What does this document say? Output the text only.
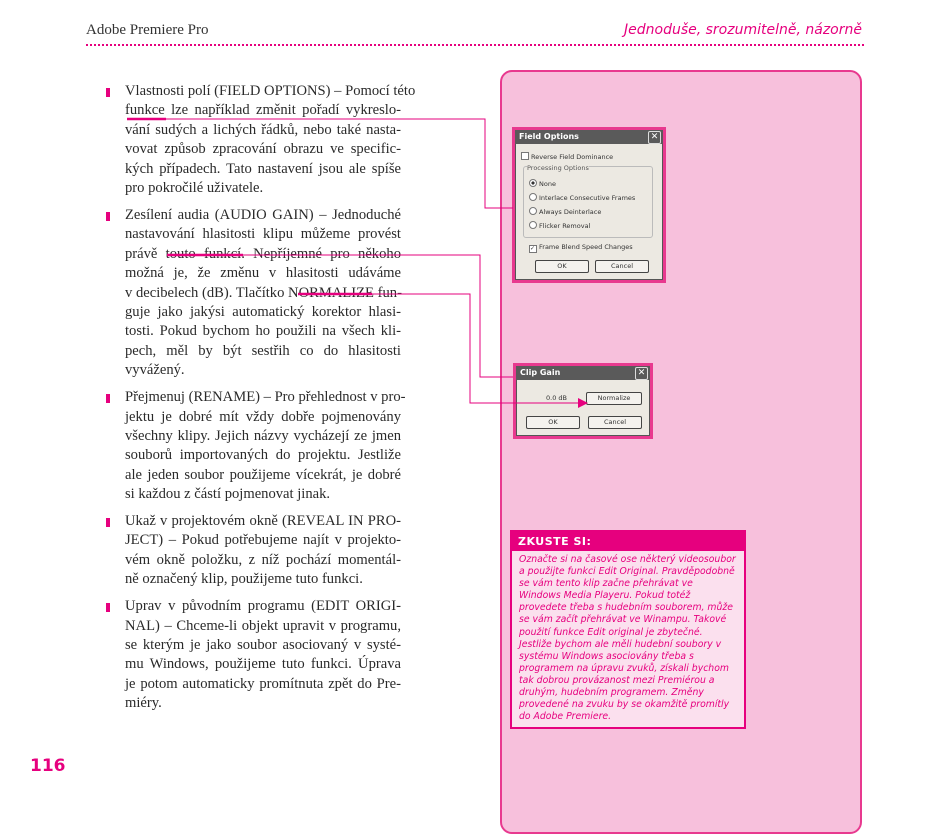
Adobe Premiere Pro	Jednoduše, srozumitelně, názorně
Vlastnosti polí (FIELD OPTIONS) – Pomocí této
funkce lze například změnit pořadí vykreslo-
vání sudých a lichých řádků, nebo také nasta-
vovat způsob zpracování obrazu ve specific-
kých případech. Tato nastavení jsou ale spíše
pro pokročilé uživatele.
Zesílení audia (AUDIO GAIN) – Jednoduché
nastavování hlasitosti klipu můžeme provést
právě touto funkcí. Nepříjemné pro někoho
možná je, že změnu v hlasitosti udáváme
v decibelech (dB). Tlačítko NORMALIZE fun-
guje jako jakýsi automatický korektor hlasi-
tosti. Pokud bychom ho použili na všech kli-
pech, měl by být sestřih co do hlasitosti
vyvážený.
Přejmenuj (RENAME) – Pro přehlednost v pro-
jektu je dobré mít vždy dobře pojmenovány
všechny klipy. Jejich názvy vycházejí ze jmen
souborů importovaných do projektu. Jestliže
ale jeden soubor použijeme vícekrát, je dobré
si každou z částí pojmenovat jinak.
Ukaž v projektovém okně (REVEAL IN PRO-
JECT) – Pokud potřebujeme najít v projekto-
vém okně položku, z níž pochází momentál-
ně označený klip, použijeme tuto funkci.
Uprav v původním programu (EDIT ORIGI-
NAL) – Chceme-li objekt upravit v programu,
se kterým je jako soubor asociovaný v systé-
mu Windows, použijeme tuto funkci. Úprava
je potom automaticky promítnuta zpět do Pre-
miéry.
Field Options	✕
Reverse Field Dominance
Processing Options
None
Interlace Consecutive Frames
Always Deinterlace
Flicker Removal
✓ Frame Blend Speed Changes
OK	Cancel
Clip Gain	✕
0.0 dB	Normalize
OK	Cancel
ZKUSTE SI:
Označte si na časové ose některý videosoubor a použijte funkci Edit Original. Pravděpodobně se vám tento klip začne přehrávat ve Windows Media Playeru. Pokud totéž provedete třeba s hudebním souborem, může se vám začít přehrávat ve Winampu. Takové použití funkce Edit original je zbytečné. Jestliže bychom ale měli hudební soubory v systému Windows asociovány třeba s programem na úpravu zvuků, získali bychom tak dobrou provázanost mezi Premiérou a druhým, hudebním programem. Změny provedené na zvuku by se okamžitě promítly do Adobe Premiere.
116
